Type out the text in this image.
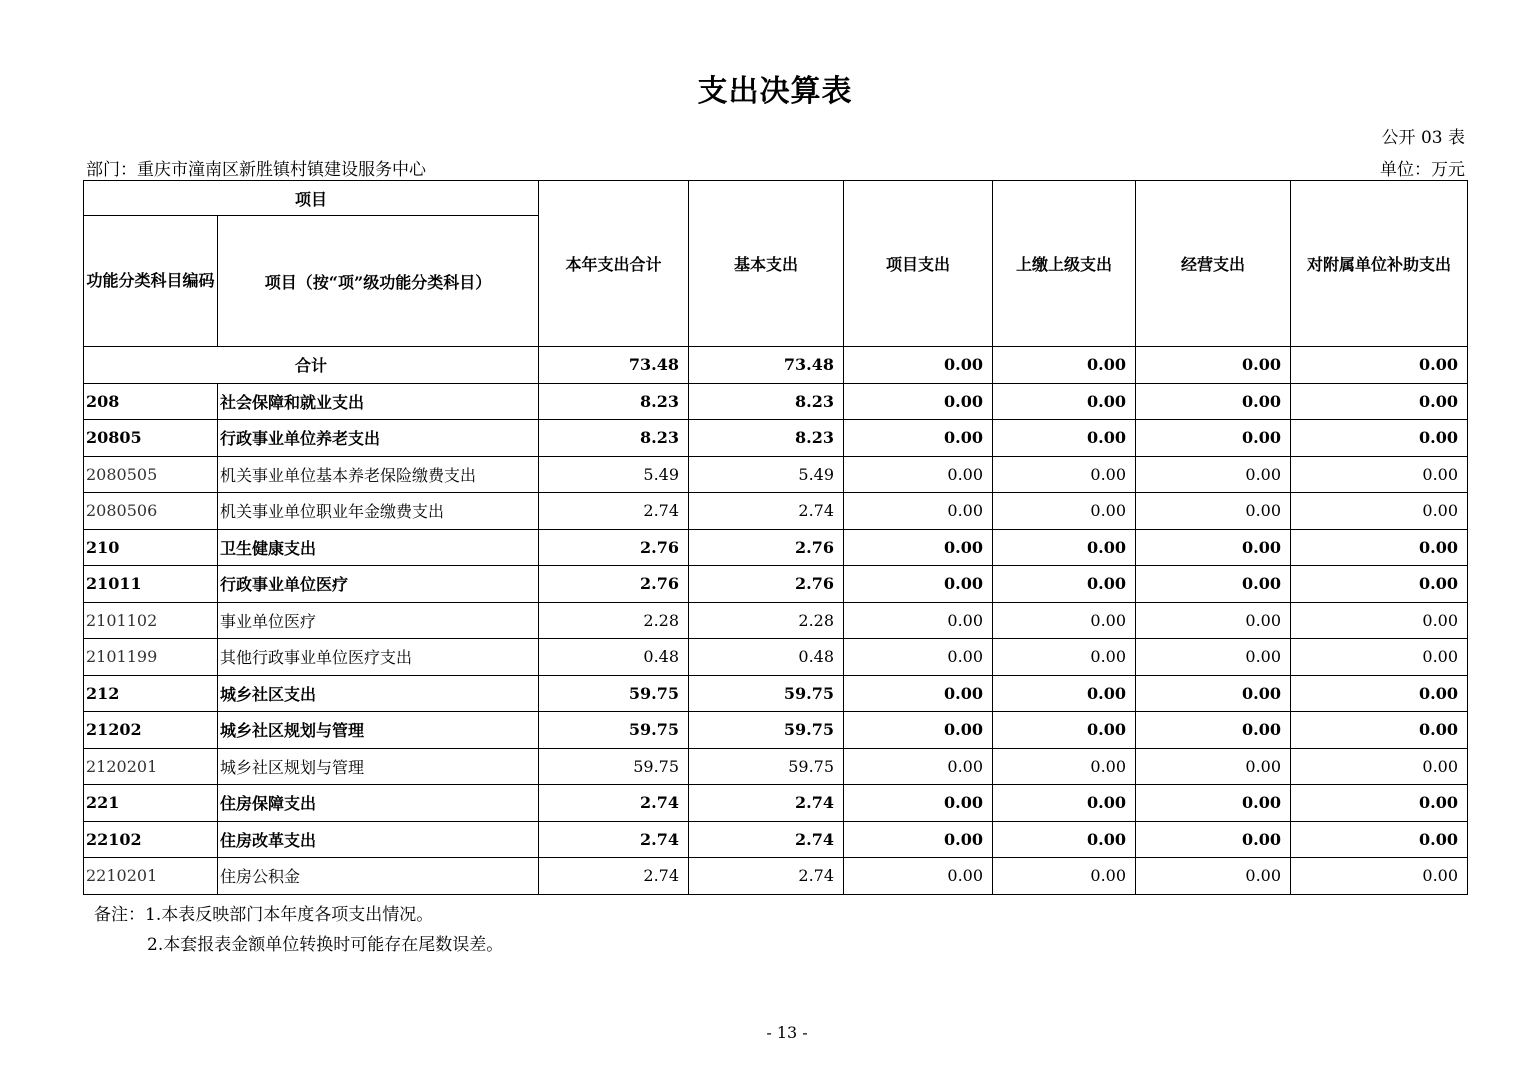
支出决算表
公开 03 表
部门：重庆市潼南区新胜镇村镇建设服务中心	单位：万元
项目		本年支出合计	基本支出	项目支出	上缴上级支出	经营支出	对附属单位补助支出
功能分类科目编码	项目（按“项”级功能分类科目）						
合计		73.48	73.48	0.00	0.00	0.00	0.00
208	社会保障和就业支出	8.23	8.23	0.00	0.00	0.00	0.00
20805	行政事业单位养老支出	8.23	8.23	0.00	0.00	0.00	0.00
2080505	机关事业单位基本养老保险缴费支出	5.49	5.49	0.00	0.00	0.00	0.00
2080506	机关事业单位职业年金缴费支出	2.74	2.74	0.00	0.00	0.00	0.00
210	卫生健康支出	2.76	2.76	0.00	0.00	0.00	0.00
21011	行政事业单位医疗	2.76	2.76	0.00	0.00	0.00	0.00
2101102	事业单位医疗	2.28	2.28	0.00	0.00	0.00	0.00
2101199	其他行政事业单位医疗支出	0.48	0.48	0.00	0.00	0.00	0.00
212	城乡社区支出	59.75	59.75	0.00	0.00	0.00	0.00
21202	城乡社区规划与管理	59.75	59.75	0.00	0.00	0.00	0.00
2120201	城乡社区规划与管理	59.75	59.75	0.00	0.00	0.00	0.00
221	住房保障支出	2.74	2.74	0.00	0.00	0.00	0.00
22102	住房改革支出	2.74	2.74	0.00	0.00	0.00	0.00
2210201	住房公积金	2.74	2.74	0.00	0.00	0.00	0.00
备注：1.本表反映部门本年度各项支出情况。
2.本套报表金额单位转换时可能存在尾数误差。
- 13 -
